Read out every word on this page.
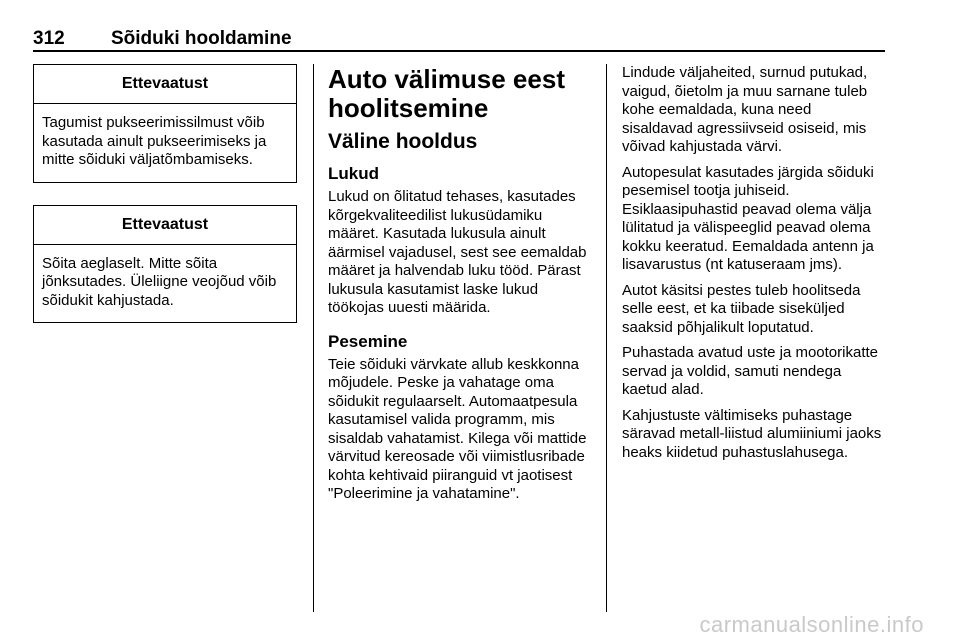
312 Sõiduki hooldamine
Ettevaatust
Tagumist pukseerimissilmust võib kasutada ainult pukseerimiseks ja mitte sõiduki väljatõmbamiseks.
Ettevaatust
Sõita aeglaselt. Mitte sõita jõnksutades. Üleliigne veojõud võib sõidukit kahjustada.
Auto välimuse eest hoolitsemine
Väline hooldus
Lukud

Lukud on õlitatud tehases, kasutades kõrgekvaliteedilist lukusüdamiku määret. Kasutada lukusula ainult äärmisel vajadusel, sest see eemaldab määret ja halvendab luku tööd. Pärast lukusula kasutamist laske lukud töökojas uuesti määrida.

Pesemine

Teie sõiduki värvkate allub keskkonna mõjudele. Peske ja vahatage oma sõidukit regulaarselt. Automaatpesula kasutamisel valida programm, mis sisaldab vahatamist. Kilega või mattide värvitud kereosade või viimistlusribade kohta kehtivaid piiranguid vt jaotisest "Poleerimine ja vahatamine".

Lindude väljaheited, surnud putukad, vaigud, õietolm ja muu sarnane tuleb kohe eemaldada, kuna need sisaldavad agressiivseid osiseid, mis võivad kahjustada värvi.

Autopesulat kasutades järgida sõiduki pesemisel tootja juhiseid. Esiklaasipuhastid peavad olema välja lülitatud ja välispeeglid peavad olema kokku keeratud. Eemaldada antenn ja lisavarustus (nt katuseraam jms).

Autot käsitsi pestes tuleb hoolitseda selle eest, et ka tiibade siseküljed saaksid põhjalikult loputatud.

Puhastada avatud uste ja mootorikatte servad ja voldid, samuti nendega kaetud alad.

Kahjustuste vältimiseks puhastage säravad metall-liistud alumiiniumi jaoks heaks kiidetud puhastuslahusega.

carmanualsonline.info
